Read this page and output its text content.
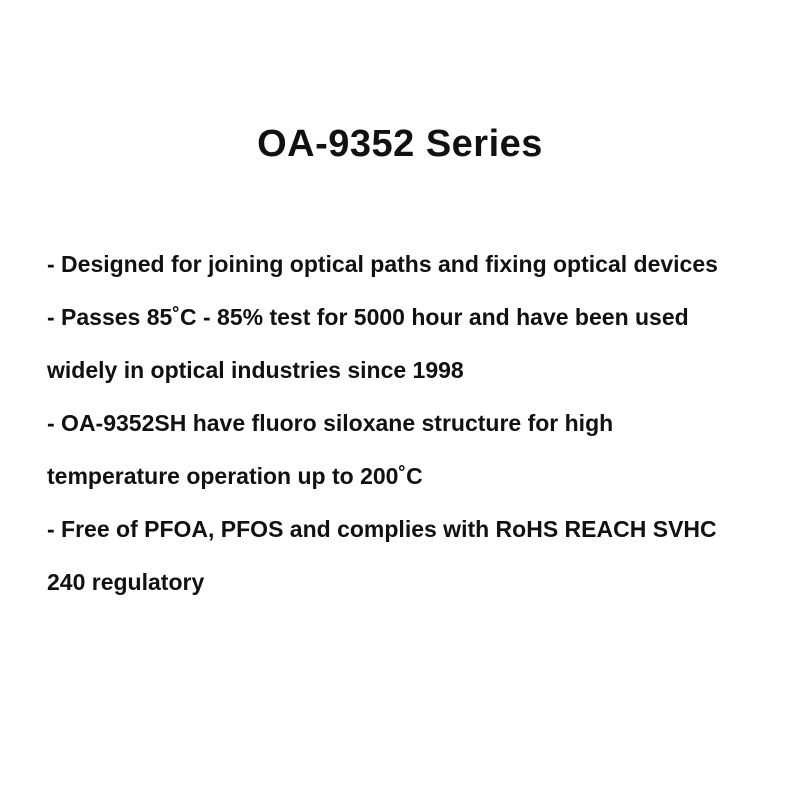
OA-9352 Series
- Designed for joining optical paths and fixing optical devices
- Passes 85˚C - 85% test for 5000 hour and have been used widely in optical industries since 1998
- OA-9352SH have fluoro siloxane structure for high temperature operation up to 200˚C
- Free of PFOA, PFOS and complies with RoHS REACH SVHC 240 regulatory
